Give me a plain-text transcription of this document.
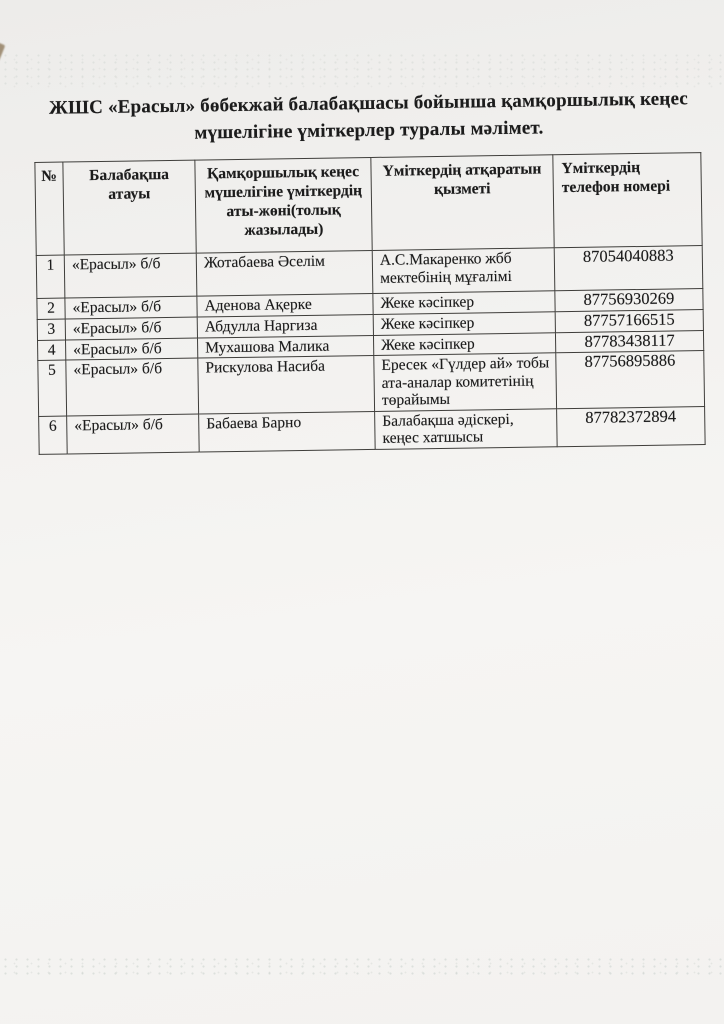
ЖШС «Ерасыл» бөбекжай балабақшасы бойынша қамқоршылық кеңес мүшелігіне үміткерлер туралы мәлімет.
№	Балабақша атауы	Қамқоршылық кеңес мүшелігіне үміткердің аты-жөні(толық жазылады)	Үміткердің атқаратын қызметі	Үміткердің телефон номері
1	«Ерасыл» б/б	Жотабаева Әселім	А.С.Макаренко жбб мектебінің мұғалімі	87054040883
2	«Ерасыл» б/б	Аденова Ақерке	Жеке кәсіпкер	87756930269
3	«Ерасыл» б/б	Абдулла Наргиза	Жеке кәсіпкер	87757166515
4	«Ерасыл» б/б	Мухашова Малика	Жеке кәсіпкер	87783438117
5	«Ерасыл» б/б	Рискулова Насиба	Ересек «Гүлдер ай» тобы ата-аналар комитетінің төрайымы	87756895886
6	«Ерасыл» б/б	Бабаева Барно	Балабақша әдіскері, кеңес хатшысы	87782372894
